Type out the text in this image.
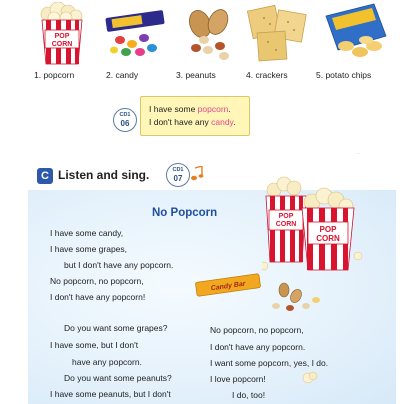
...
POP
CORN
1. popcorn	2. candy	3. peanuts	4. crackers	5. potato chips
CD1
06
I have some popcorn.
I don't have any candy.
C Listen and sing.	CD1
07
POP
CORN
POP
CORN
Candy Bar
No Popcorn
I have some candy,
I have some grapes,
but I don't have any popcorn.
No popcorn, no popcorn,
I don't have any popcorn!
Do you want some grapes?
I have some, but I don't
have any popcorn.
Do you want some peanuts?
I have some peanuts, but I don't
No popcorn, no popcorn,
I don't have any popcorn.
I want some popcorn, yes, I do.
I love popcorn!
I do, too!
